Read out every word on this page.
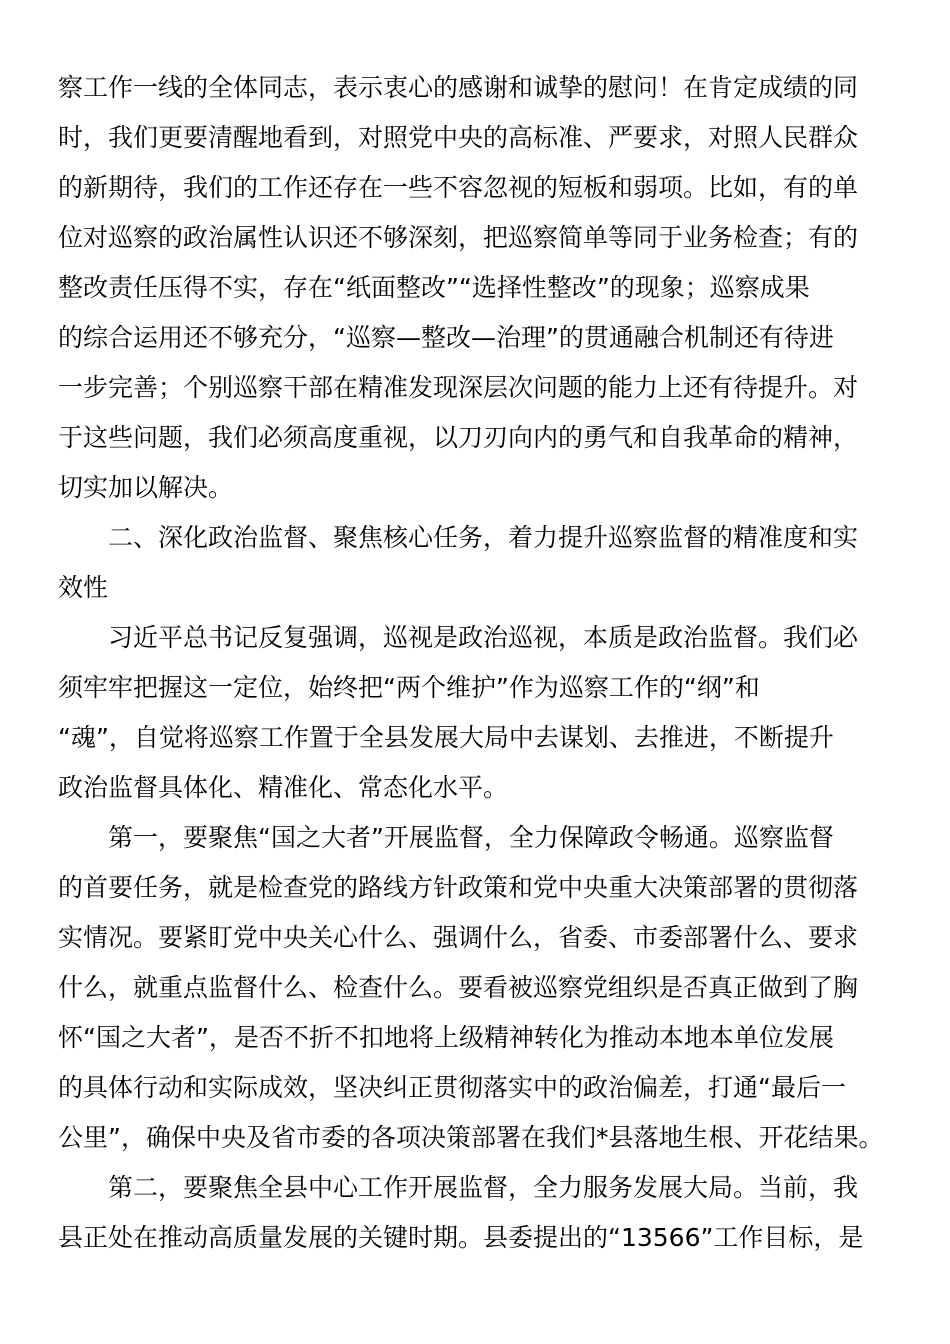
察工作一线的全体同志，表示衷心的感谢和诚挚的慰问！在肯定成绩的同
时，我们更要清醒地看到，对照党中央的高标准、严要求，对照人民群众
的新期待，我们的工作还存在一些不容忽视的短板和弱项。比如，有的单
位对巡察的政治属性认识还不够深刻，把巡察简单等同于业务检查；有的
整改责任压得不实，存在“纸面整改”“选择性整改”的现象；巡察成果
的综合运用还不够充分，“巡察—整改—治理”的贯通融合机制还有待进
一步完善；个别巡察干部在精准发现深层次问题的能力上还有待提升。对
于这些问题，我们必须高度重视，以刀刃向内的勇气和自我革命的精神，
切实加以解决。
二、深化政治监督、聚焦核心任务，着力提升巡察监督的精准度和实
效性
习近平总书记反复强调，巡视是政治巡视，本质是政治监督。我们必
须牢牢把握这一定位，始终把“两个维护”作为巡察工作的“纲”和
“魂”，自觉将巡察工作置于全县发展大局中去谋划、去推进，不断提升
政治监督具体化、精准化、常态化水平。
第一，要聚焦“国之大者”开展监督，全力保障政令畅通。巡察监督
的首要任务，就是检查党的路线方针政策和党中央重大决策部署的贯彻落
实情况。要紧盯党中央关心什么、强调什么，省委、市委部署什么、要求
什么，就重点监督什么、检查什么。要看被巡察党组织是否真正做到了胸
怀“国之大者”，是否不折不扣地将上级精神转化为推动本地本单位发展
的具体行动和实际成效，坚决纠正贯彻落实中的政治偏差，打通“最后一
公里”，确保中央及省市委的各项决策部署在我们*县落地生根、开花结果。
第二，要聚焦全县中心工作开展监督，全力服务发展大局。当前，我
县正处在推动高质量发展的关键时期。县委提出的“13566”工作目标，是
